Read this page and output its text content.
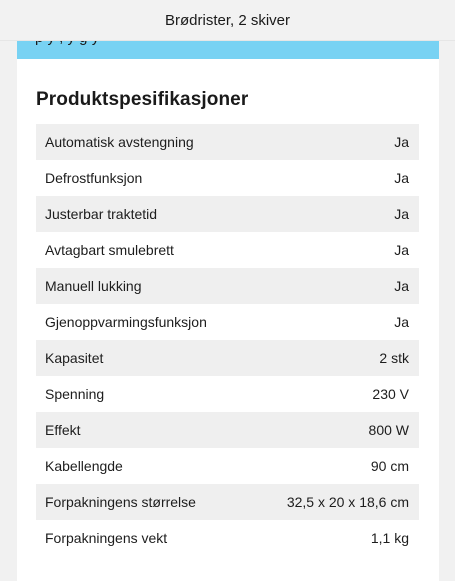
Brødrister, 2 skiver
Produktspesifikasjoner
Automatisk avstengning	Ja
Defrostfunksjon	Ja
Justerbar traktetid	Ja
Avtagbart smulebrett	Ja
Manuell lukking	Ja
Gjenoppvarmingsfunksjon	Ja
Kapasitet	2 stk
Spenning	230 V
Effekt	800 W
Kabellengde	90 cm
Forpakningens størrelse	32,5 x 20 x 18,6 cm
Forpakningens vekt	1,1 kg
